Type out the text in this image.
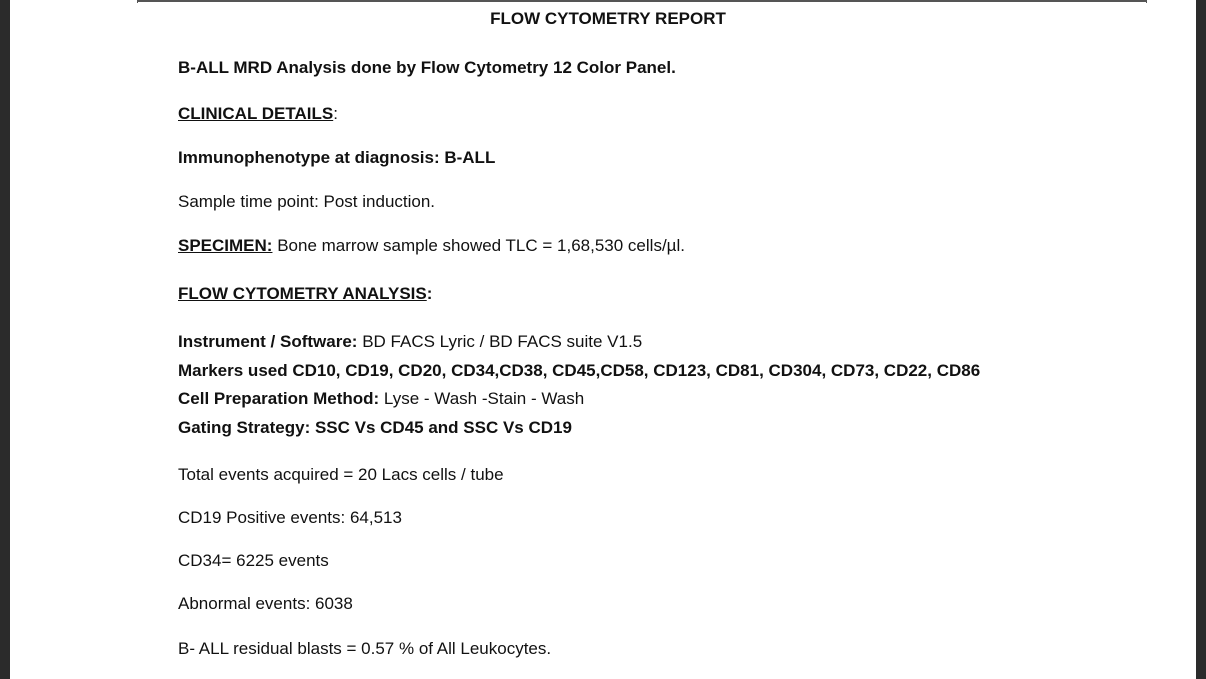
FLOW CYTOMETRY REPORT
B-ALL MRD Analysis done by Flow Cytometry 12 Color Panel.
CLINICAL DETAILS:
Immunophenotype at diagnosis: B-ALL
Sample time point: Post induction.
SPECIMEN: Bone marrow sample showed TLC = 1,68,530 cells/µl.
FLOW CYTOMETRY ANALYSIS:
Instrument / Software: BD FACS Lyric / BD FACS suite V1.5
Markers used CD10, CD19, CD20, CD34,CD38, CD45,CD58, CD123, CD81, CD304, CD73, CD22, CD86
Cell Preparation Method: Lyse - Wash -Stain - Wash
Gating Strategy: SSC Vs CD45 and SSC Vs CD19
Total events acquired = 20 Lacs cells / tube
CD19 Positive events: 64,513
CD34= 6225 events
Abnormal events: 6038
B- ALL residual blasts = 0.57 % of All Leukocytes.
